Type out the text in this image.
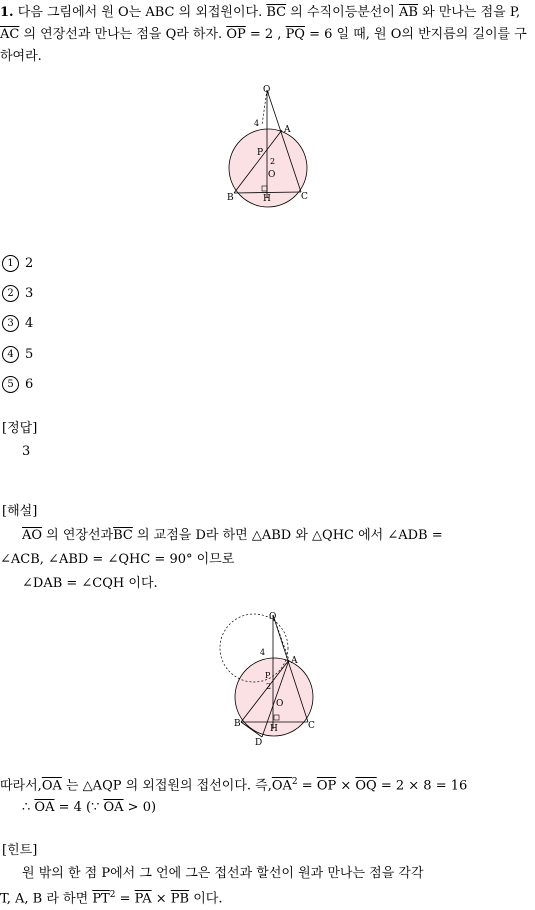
1. 다음 그림에서 원 O는 ABC 의 외접원이다. $\overline{BC}$ 의 수직이등분선이 $\overline{AB}$ 와 만나는 점을 P, $\overline{AC}$ 의 연장선과 만나는 점을 Q라 하자. $\overline{OP} = 2$ , $\overline{PQ} = 6$ 일 때, 원 O의 반지름의 길이를 구하여라.
Q
A
P
O
B	H	C
4
2
1 2
2 3
3 4
4 5
5 6
[정답]
3
[해설]
$\overline{AO}$ 의 연장선과$\overline{BC}$ 의 교점을 D라 하면 △ABD 와 △QHC 에서 ∠ADB =
∠ACB, ∠ABD = ∠QHC = 90° 이므로
∠DAB = ∠CQH 이다.
Q
A
P
O
B	H	C
D
4
2
따라서$,\overline{OA}$ 는 △AQP 의 외접원의 접선이다. 즉$,\overline{OA}^2 = \overline{OP} \times \overline{OQ} = 2 \times 8 = 16$
∴ $\overline{OA} = 4$ (∵ $\overline{OA} > 0$)
[힌트]
원 밖의 한 점 P에서 그 언에 그은 접선과 할선이 원과 만나는 점을 각각
T, A, B 라 하면 $\overline{PT}^2 = \overline{PA} \times \overline{PB}$ 이다.
